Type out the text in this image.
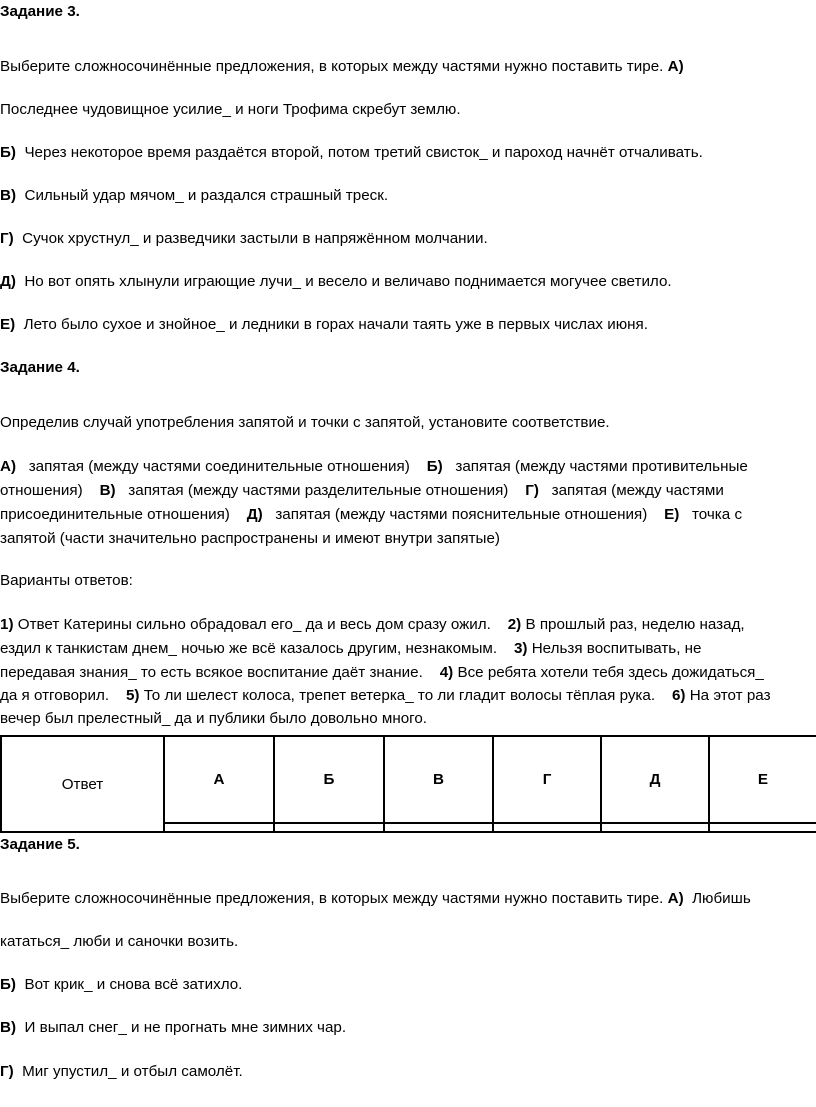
Задание 3.
Выберите сложносочинённые предложения, в которых между частями нужно поставить тире. А)
Последнее чудовищное усилие_ и ноги Трофима скребут землю.
Б) Через некоторое время раздаётся второй, потом третий свисток_ и пароход начнёт отчаливать.
В) Сильный удар мячом_ и раздался страшный треск.
Г) Сучок хрустнул_ и разведчики застыли в напряжённом молчании.
Д) Но вот опять хлынули играющие лучи_ и весело и величаво поднимается могучее светило.
Е) Лето было сухое и знойное_ и ледники в горах начали таять уже в первых числах июня.
Задание 4.
Определив случай употребления запятой и точки с запятой, установите соответствие.
А) запятая (между частями соединительные отношения) Б) запятая (между частями противительные
отношения) В) запятая (между частями разделительные отношения) Г) запятая (между частями
присоединительные отношения) Д) запятая (между частями пояснительные отношения) Е) точка с
запятой (части значительно распространены и имеют внутри запятые)
Варианты ответов:
1) Ответ Катерины сильно обрадовал его_ да и весь дом сразу ожил. 2) В прошлый раз, неделю назад,
ездил к танкистам днем_ ночью же всё казалось другим, незнакомым. 3) Нельзя воспитывать, не
передавая знания_ то есть всякое воспитание даёт знание. 4) Все ребята хотели тебя здесь дожидаться_
да я отговорил. 5) То ли шелест колоса, трепет ветерка_ то ли гладит волосы тёплая рука. 6) На этот раз
вечер был прелестный_ да и публики было довольно много.
Ответ	А	Б	В	Г	Д	Е

Задание 5.
Выберите сложносочинённые предложения, в которых между частями нужно поставить тире. А) Любишь
кататься_ люби и саночки возить.
Б) Вот крик_ и снова всё затихло.
В) И выпал снег_ и не прогнать мне зимних чар.
Г) Миг упустил_ и отбыл самолёт.
